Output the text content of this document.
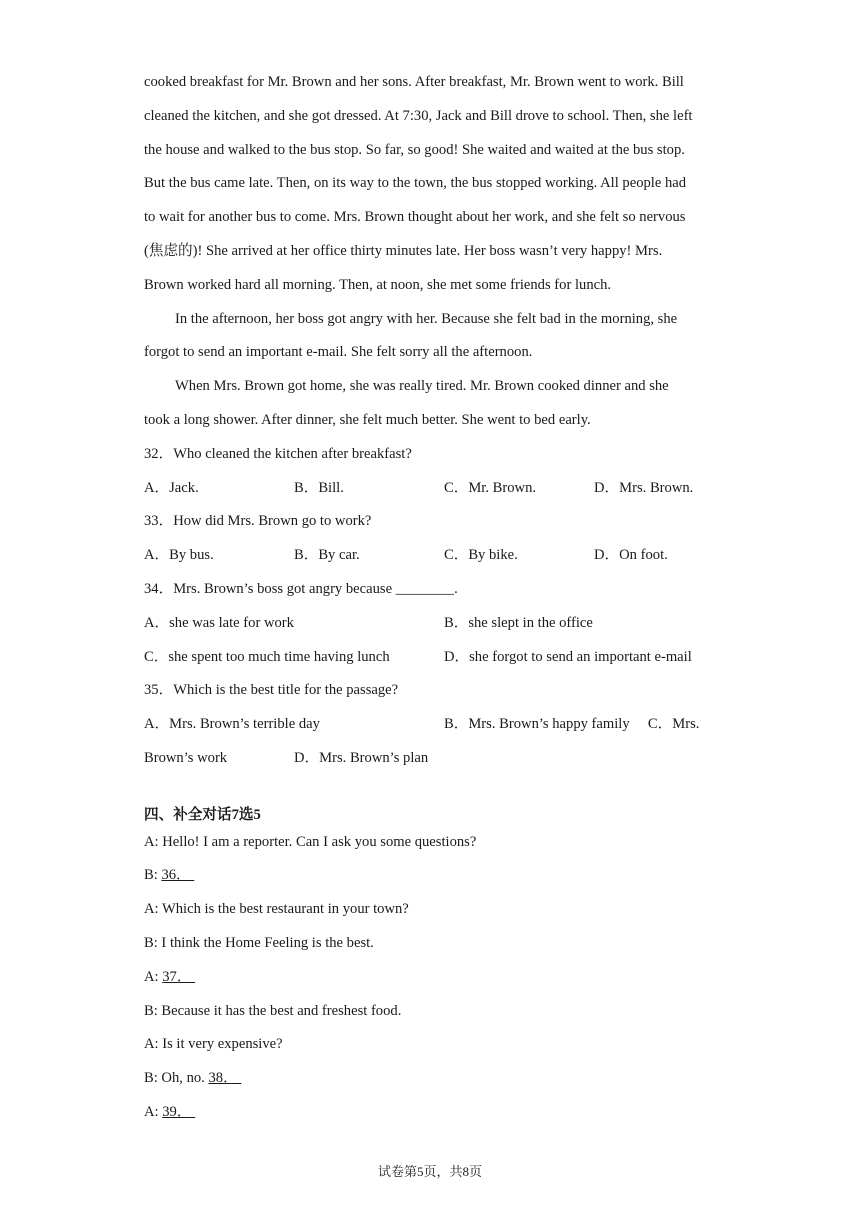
cooked breakfast for Mr. Brown and her sons. After breakfast, Mr. Brown went to work. Bill
cleaned the kitchen, and she got dressed. At 7:30, Jack and Bill drove to school. Then, she left
the house and walked to the bus stop. So far, so good! She waited and waited at the bus stop.
But the bus came late. Then, on its way to the town, the bus stopped working. All people had
to wait for another bus to come. Mrs. Brown thought about her work, and she felt so nervous
(焦虑的)! She arrived at her office thirty minutes late. Her boss wasn’t very happy! Mrs.
Brown worked hard all morning. Then, at noon, she met some friends for lunch.
In the afternoon, her boss got angry with her. Because she felt bad in the morning, she
forgot to send an important e-mail. She felt sorry all the afternoon.
When Mrs. Brown got home, she was really tired. Mr. Brown cooked dinner and she
took a long shower. After dinner, she felt much better. She went to bed early.
32．Who cleaned the kitchen after breakfast?
A．Jack.	B．Bill.	C．Mr. Brown.	D．Mrs. Brown.
33．How did Mrs. Brown go to work?
A．By bus.	B．By car.	C．By bike.	D．On foot.
34．Mrs. Brown’s boss got angry because ________.
A．she was late for work	B．she slept in the office
C．she spent too much time having lunch	D．she forgot to send an important e-mail
35．Which is the best title for the passage?
A．Mrs. Brown’s terrible day	B．Mrs. Brown’s happy family　 C．Mrs.
Brown’s work	D．Mrs. Brown’s plan
四、补全对话7选5
A: Hello! I am a reporter. Can I ask you some questions?
B: 36．
A: Which is the best restaurant in your town?
B: I think the Home Feeling is the best.
A: 37．
B: Because it has the best and freshest food.
A: Is it very expensive?
B: Oh, no. 38．
A: 39．
试卷第5页，共8页
